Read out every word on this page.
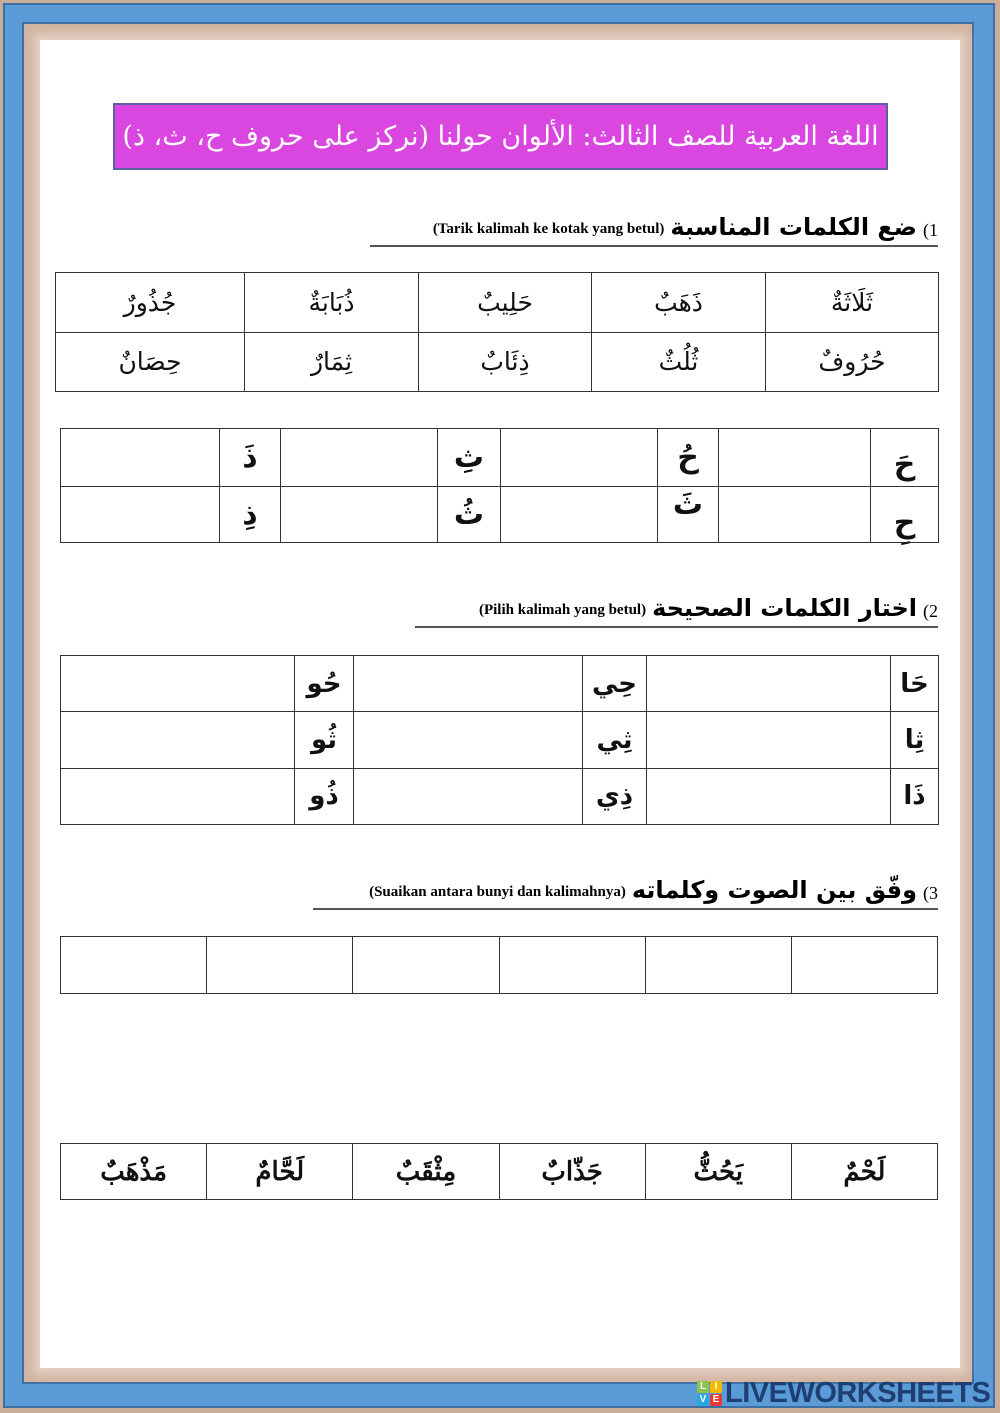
اللغة العربية للصف الثالث: الألوان حولنا (نركز على حروف ح، ث، ذ)
1)
ضع الكلمات المناسبة
(Tarik kalimah ke kotak yang betul)
ثَلَاثَةٌ	ذَهَبٌ	حَلِيبٌ	ذُبَابَةٌ	جُذُورٌ
حُرُوفٌ	ثُلُثٌ	ذِئَابٌ	ثِمَارٌ	حِصَانٌ
حَ		حُ		ثِ		ذَ	
حِ		ثَ		ثُ		ذِ	
2)
اختار الكلمات الصحيحة
(Pilih kalimah yang betul)
حَا		حِي		حُو	
ثِا		ثِي		ثُو	
ذَا		ذِي		ذُو	
3)
وفّق بين الصوت وكلماته
(Suaikan antara bunyi dan kalimahnya)

لَحْمٌ	يَحُثُّ	جَذّابٌ	مِثْقَبٌ	لَحَّامٌ	مَذْهَبٌ
L I
V E LIVEWORKSHEETS
